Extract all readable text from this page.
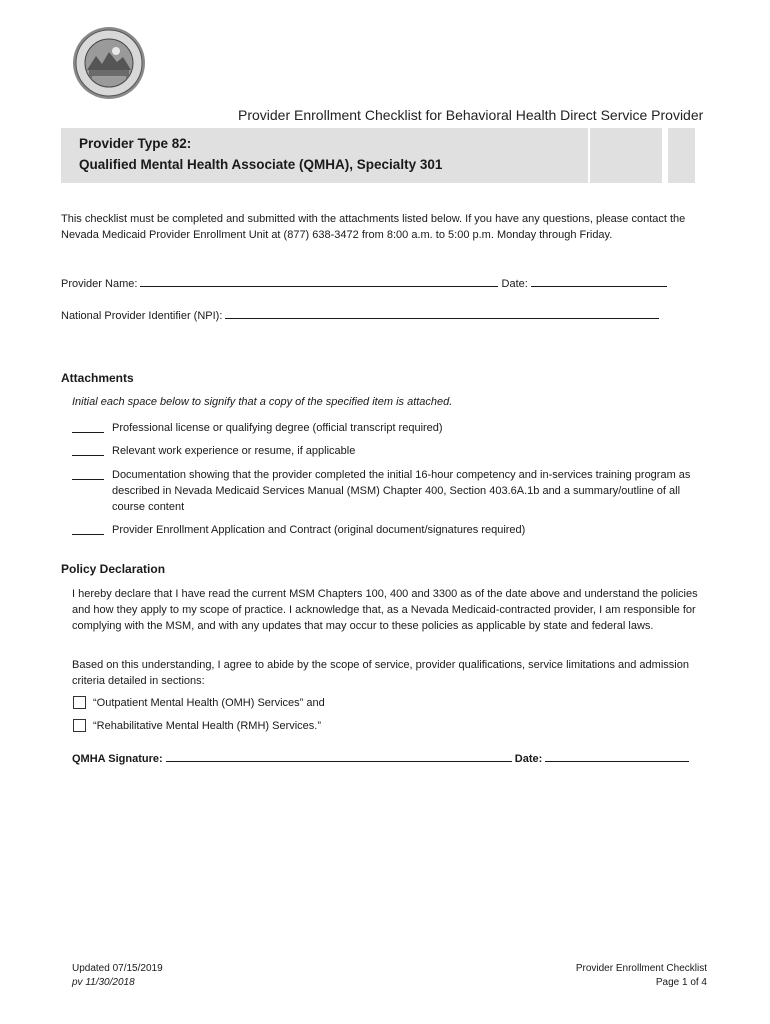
Provider Enrollment Checklist for Behavioral Health Direct Service Provider
Provider Type 82:
Qualified Mental Health Associate (QMHA), Specialty 301
This checklist must be completed and submitted with the attachments listed below. If you have any questions, please contact the Nevada Medicaid Provider Enrollment Unit at (877) 638-3472 from 8:00 a.m. to 5:00 p.m. Monday through Friday.
Provider Name:	Date:
National Provider Identifier (NPI):
Attachments
Initial each space below to signify that a copy of the specified item is attached.
Professional license or qualifying degree (official transcript required)
Relevant work experience or resume, if applicable
Documentation showing that the provider completed the initial 16-hour competency and in-services training program as described in Nevada Medicaid Services Manual (MSM) Chapter 400, Section 403.6A.1b and a summary/outline of all course content
Provider Enrollment Application and Contract (original document/signatures required)
Policy Declaration
I hereby declare that I have read the current MSM Chapters 100, 400 and 3300 as of the date above and understand the policies and how they apply to my scope of practice. I acknowledge that, as a Nevada Medicaid-contracted provider, I am responsible for complying with the MSM, and with any updates that may occur to these policies as applicable by state and federal laws.
Based on this understanding, I agree to abide by the scope of service, provider qualifications, service limitations and admission criteria detailed in sections:
“Outpatient Mental Health (OMH) Services” and
“Rehabilitative Mental Health (RMH) Services.”
QMHA Signature:	Date:
Updated 07/15/2019
pv 11/30/2018
Provider Enrollment Checklist
Page 1 of 4
